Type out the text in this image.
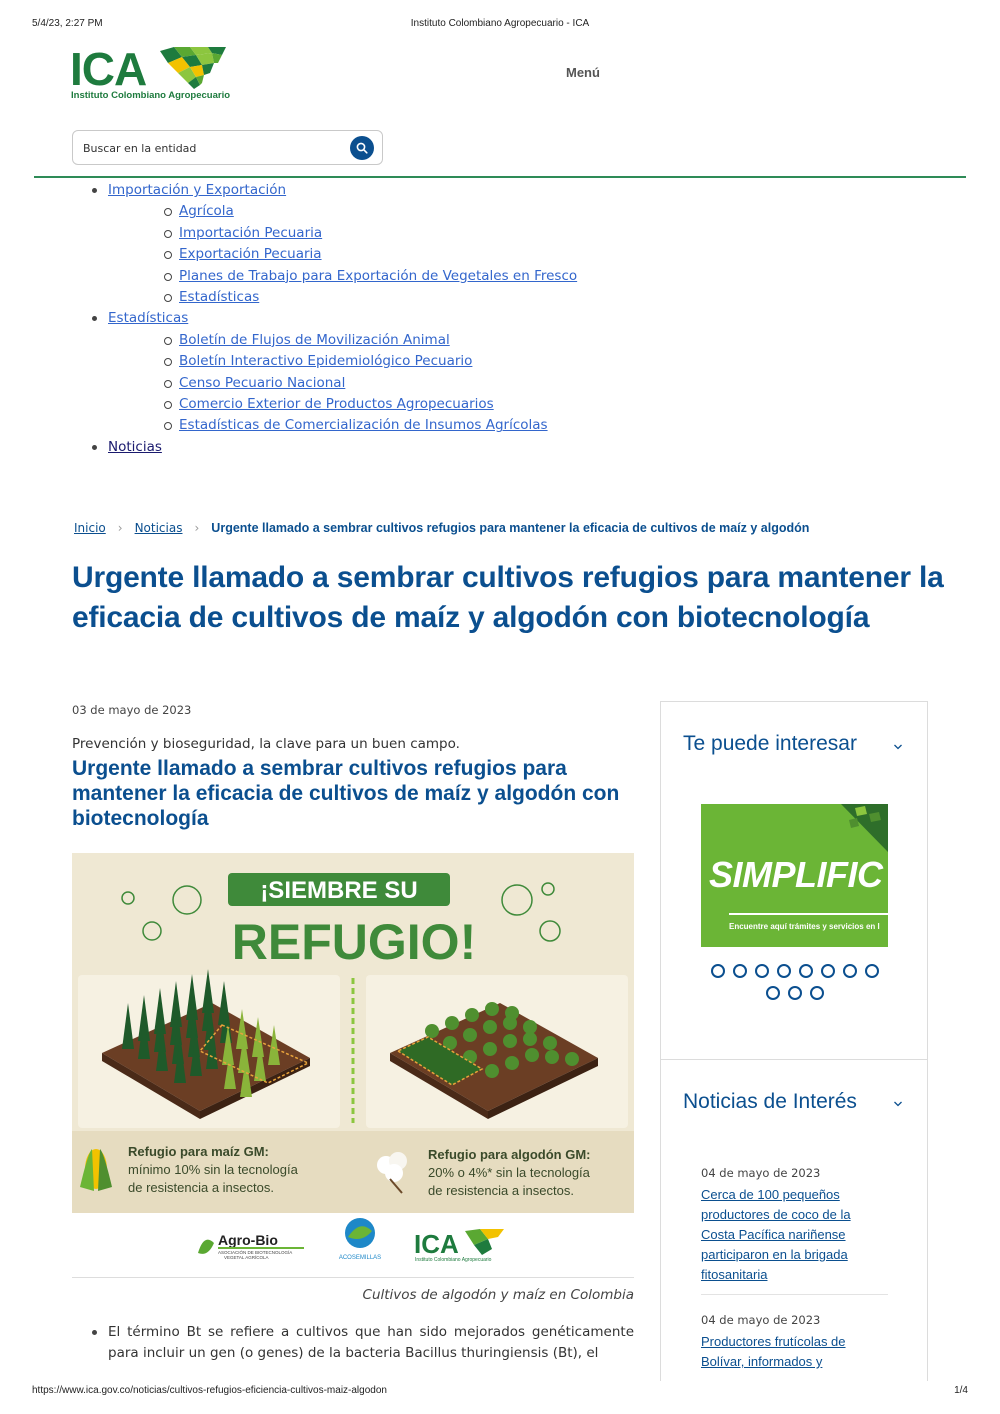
5/4/23, 2:27 PM	Instituto Colombiano Agropecuario - ICA
ICA
Instituto Colombiano Agropecuario
Menú
Buscar en la entidad
Importación y Exportación
Agrícola
Importación Pecuaria
Exportación Pecuaria
Planes de Trabajo para Exportación de Vegetales en Fresco
Estadísticas
Estadísticas
Boletín de Flujos de Movilización Animal
Boletín Interactivo Epidemiológico Pecuario
Censo Pecuario Nacional
Comercio Exterior de Productos Agropecuarios
Estadísticas de Comercialización de Insumos Agrícolas
Noticias
Inicio › Noticias › Urgente llamado a sembrar cultivos refugios para mantener la eficacia de cultivos de maíz y algodón
Urgente llamado a sembrar cultivos refugios para mantener la eficacia de cultivos de maíz y algodón con biotecnología
03 de mayo de 2023
Prevención y bioseguridad, la clave para un buen campo.
Urgente llamado a sembrar cultivos refugios para mantener la eficacia de cultivos de maíz y algodón con biotecnología
¡SIEMBRE SU
REFUGIO!
Refugio para maíz GM:
mínimo 10% sin la tecnología
de resistencia a insectos.
Refugio para algodón GM:
20% o 4%* sin la tecnología
de resistencia a insectos.
Agro-Bio
ASOCIACIÓN DE BIOTECNOLOGÍA
VEGETAL AGRÍCOLA	ACOSEMILLAS ICA
Instituto Colombiano Agropecuario
Cultivos de algodón y maíz en Colombia
El término Bt se refiere a cultivos que han sido mejorados genéticamente para incluir un gen (o genes) de la bacteria Bacillus thuringiensis (Bt), el
Te puede interesar
SIMPLIFIC
Encuentre aquí trámites y servicios en l
Noticias de Interés
04 de mayo de 2023
Cerca de 100 pequeños productores de coco de la Costa Pacífica nariñense participaron en la brigada fitosanitaria
04 de mayo de 2023
Productores frutícolas de Bolívar, informados y
https://www.ica.gov.co/noticias/cultivos-refugios-eficiencia-cultivos-maiz-algodon	1/4
